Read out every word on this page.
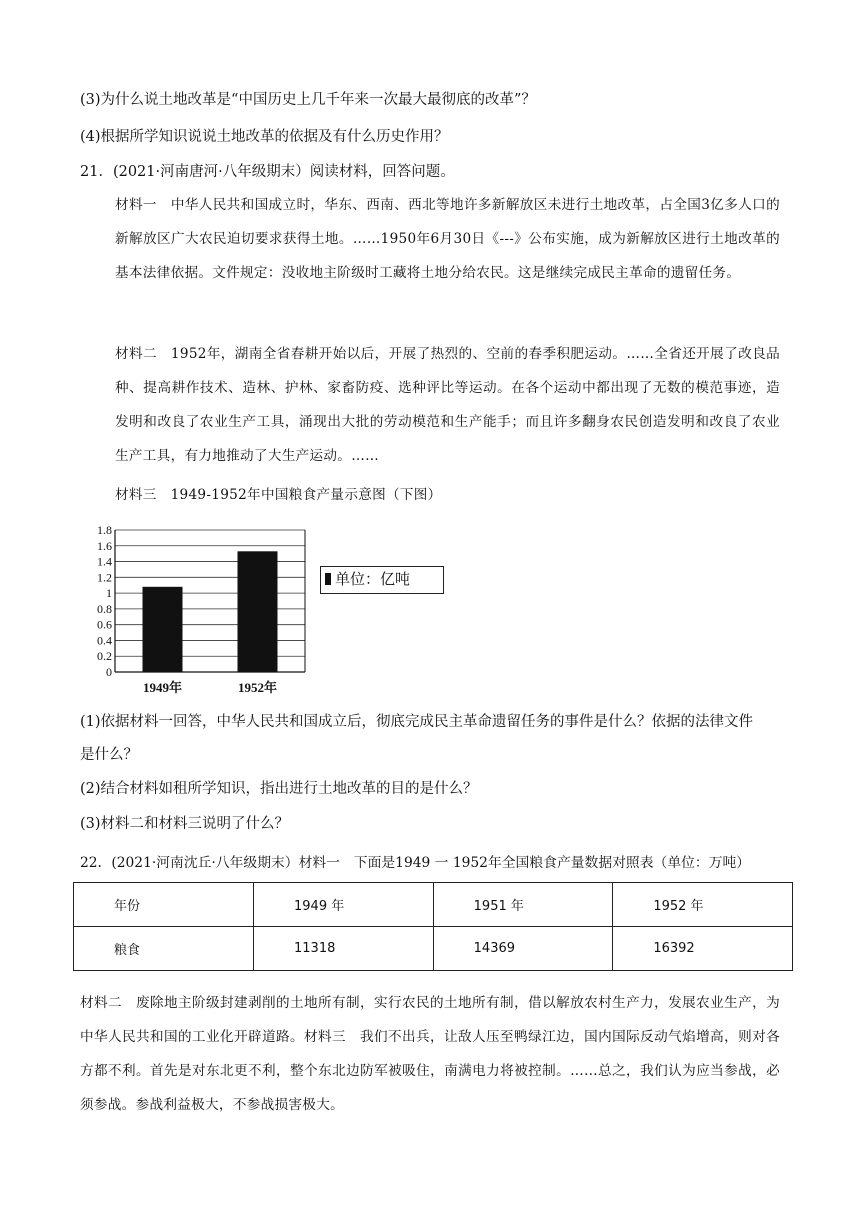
(3)为什么说土地改革是“中国历史上几千年来一次最大最彻底的改革”？
(4)根据所学知识说说土地改革的依据及有什么历史作用？
21．(2021·河南唐河·八年级期末）阅读材料，回答问题。

材料一　中华人民共和国成立时，华东、西南、西北等地许多新解放区未进行土地改革，占全国3亿多人口的新解放区广大农民迫切要求获得土地。……1950年6月30日《---》公布实施，成为新解放区进行土地改革的基本法律依据。文件规定：没收地主阶级时工藏将土地分给农民。这是继续完成民主革命的遗留任务。

材料二　1952年，湖南全省春耕开始以后，开展了热烈的、空前的春季积肥运动。……全省还开展了改良品种、提高耕作技术、造林、护林、家畜防疫、选种评比等运动。在各个运动中都出现了无数的模范事迹，造发明和改良了农业生产工具，涌现出大批的劳动模范和生产能手；而且许多翻身农民创造发明和改良了农业生产工具，有力地推动了大生产运动。……

材料三　1949-1952年中国粮食产量示意图（下图）

0
0.2
0.4
0.6
0.8
1
1.2
1.4
1.6
1.8
1949年	1952年
单位：亿吨
(1)依据材料一回答，中华人民共和国成立后，彻底完成民主革命遗留任务的事件是什么？依据的法律文件
是什么？
(2)结合材料如租所学知识，指出进行土地改革的目的是什么？
(3)材料二和材料三说明了什么？
22．(2021·河南沈丘·八年级期末）材料一　下面是1949 一 1952年全国粮食产量数据对照表（单位：万吨）
年份	1949 年	1951 年	1952 年
粮食	11318	14369	16392

材料二　废除地主阶级封建剥削的土地所有制，实行农民的土地所有制，借以解放农村生产力，发展农业生产，为中华人民共和国的工业化开辟道路。材料三　我们不出兵，让敌人压至鸭绿江边，国内国际反动气焰增高，则对各方都不利。首先是对东北更不利，整个东北边防军被吸住，南满电力将被控制。……总之，我们认为应当参战，必须参战。参战利益极大，不参战损害极大。
